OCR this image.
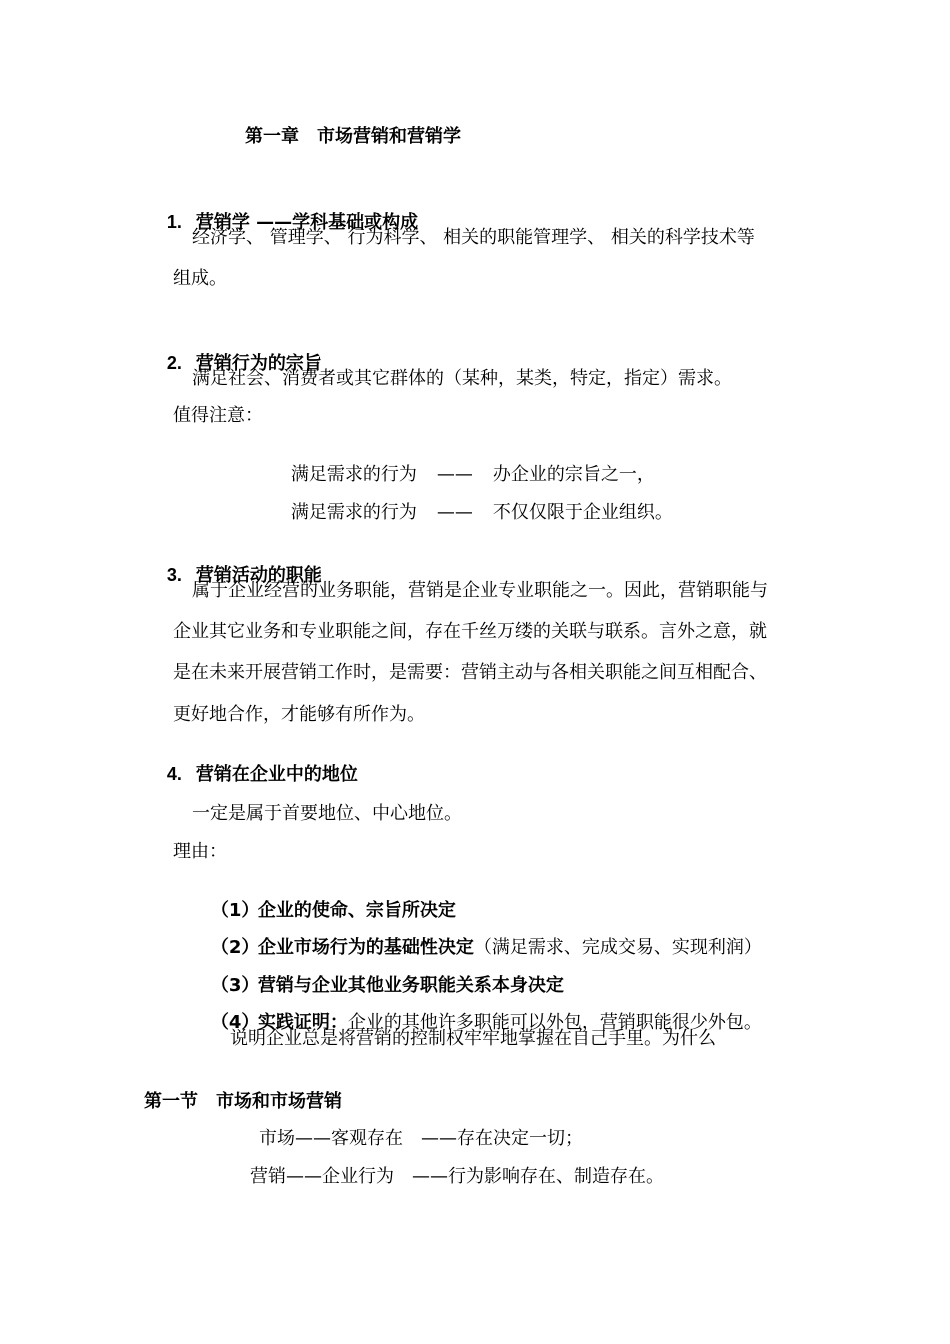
第一章　市场营销和营销学

1. 营销学 ——学科基础或构成

经济学、 管理学、 行为科学、 相关的职能管理学、 相关的科学技术等
组成。

2. 营销行为的宗旨

满足社会、消费者或其它群体的（某种，某类，特定，指定）需求。
值得注意：

满足需求的行为 —— 办企业的宗旨之一，

满足需求的行为 —— 不仅仅限于企业组织。

3. 营销活动的职能

属于企业经营的业务职能，营销是企业专业职能之一。因此，营销职能与
企业其它业务和专业职能之间，存在千丝万缕的关联与联系。言外之意，就
是在未来开展营销工作时，是需要：营销主动与各相关职能之间互相配合、
更好地合作，才能够有所作为。

4. 营销在企业中的地位

一定是属于首要地位、中心地位。
理由：

（1）企业的使命、宗旨所决定

（2）企业市场行为的基础性决定（满足需求、完成交易、实现利润）

（3）营销与企业其他业务职能关系本身决定

（4）实践证明：企业的其他许多职能可以外包，营销职能很少外包。

说明企业总是将营销的控制权牢牢地掌握在自己手里。为什么
第一节　市场和市场营销
市场——客观存在　——存在决定一切；
营销——企业行为　——行为影响存在、制造存在。
